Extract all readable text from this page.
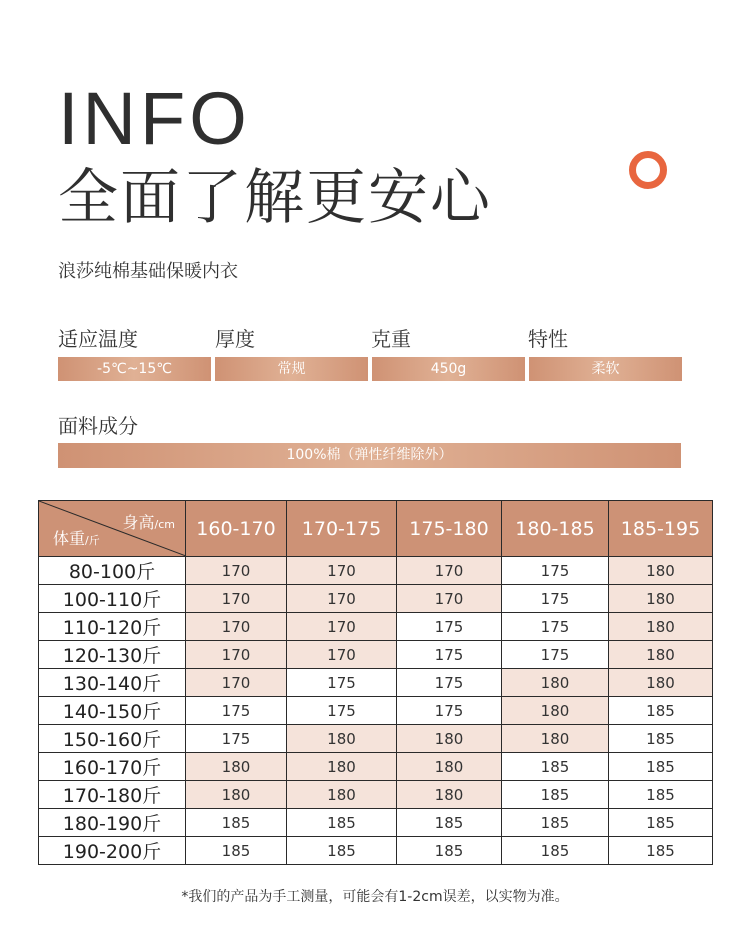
INFO
全面了解更安心
浪莎纯棉基础保暖内衣
适应温度	厚度	克重	特性
-5℃~15℃	常规	450g	柔软
面料成分
100%棉（弹性纤维除外）
身高/cm
体重/斤	160-170	170-175	175-180	180-185	185-195
80-100斤	170	170	170	175	180
100-110斤	170	170	170	175	180
110-120斤	170	170	175	175	180
120-130斤	170	170	175	175	180
130-140斤	170	175	175	180	180
140-150斤	175	175	175	180	185
150-160斤	175	180	180	180	185
160-170斤	180	180	180	185	185
170-180斤	180	180	180	185	185
180-190斤	185	185	185	185	185
190-200斤	185	185	185	185	185
*我们的产品为手工测量，可能会有1-2cm误差，以实物为准。
